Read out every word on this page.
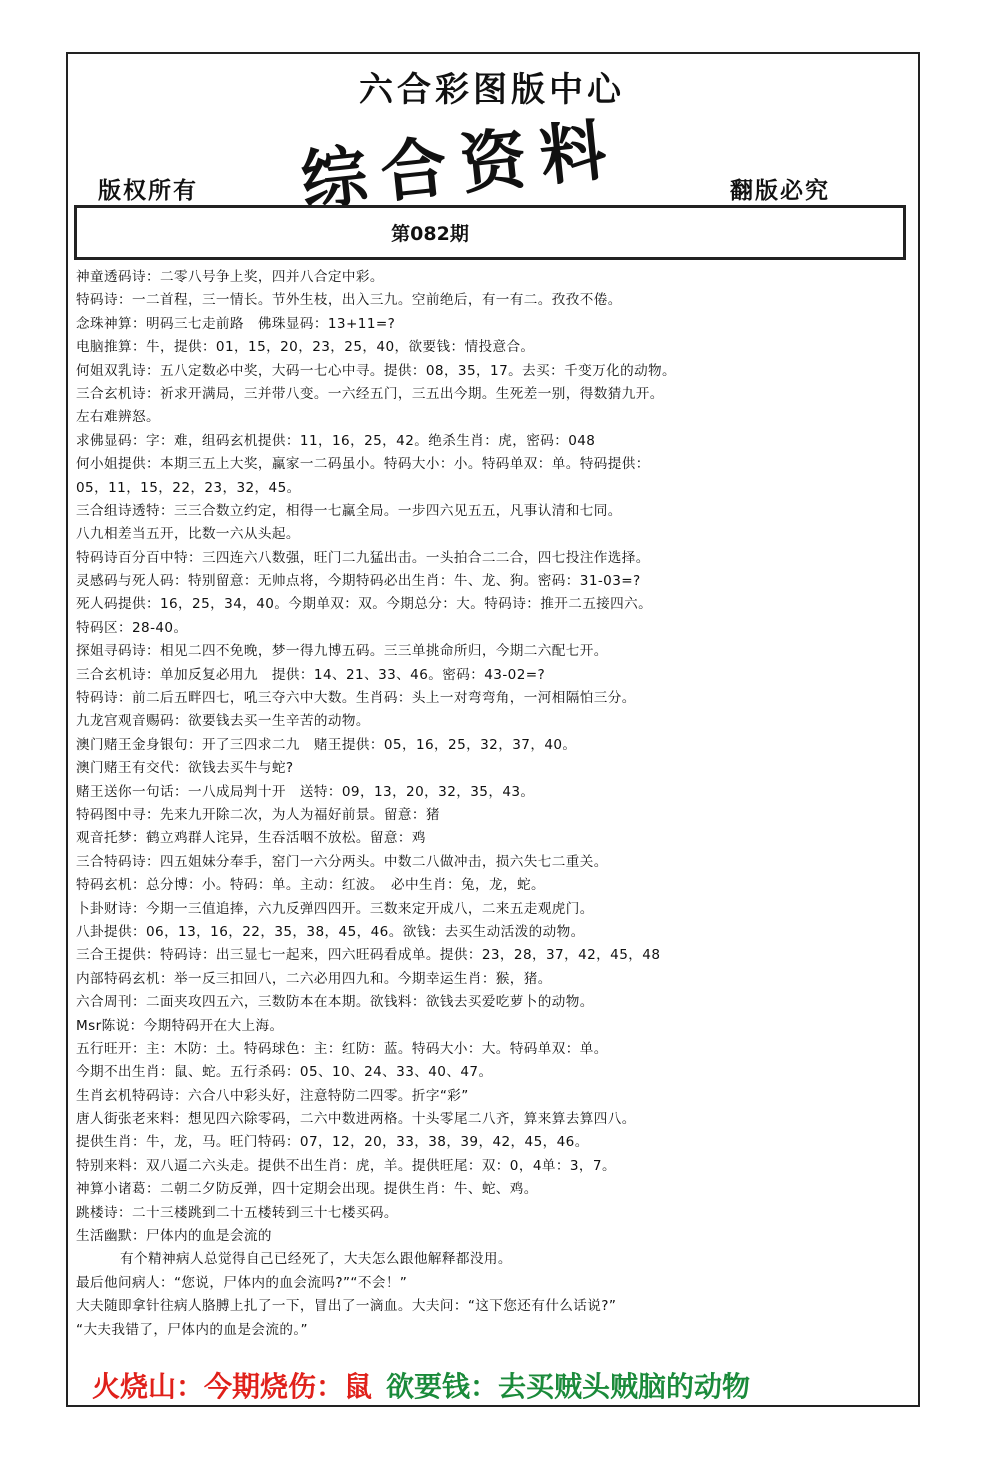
六合彩图版中心
综合资料
版权所有	翻版必究
第082期
神童透码诗：二零八号争上奖，四并八合定中彩。
特码诗：一二首程，三一情长。节外生枝，出入三九。空前绝后，有一有二。孜孜不倦。
念珠神算：明码三七走前路　佛珠显码：13+11=?
电脑推算：牛，提供：01，15，20，23，25，40，欲要钱：情投意合。
何姐双乳诗：五八定数必中奖，大码一七心中寻。提供：08，35，17。去买：千变万化的动物。
三合玄机诗：祈求开满局，三并带八变。一六经五门，三五出今期。生死差一别，得数猜九开。
左右难辨怒。
求佛显码：字：难，组码玄机提供：11，16，25，42。绝杀生肖：虎，密码：048
何小姐提供：本期三五上大奖，赢家一二码虽小。特码大小：小。特码单双：单。特码提供：
05，11，15，22，23，32，45。
三合组诗透特：三三合数立约定，相得一七赢全局。一步四六见五五，凡事认清和七同。
八九相差当五开，比数一六从头起。
特码诗百分百中特：三四连六八数强，旺门二九猛出击。一头拍合二二合，四七投注作选择。
灵感码与死人码：特别留意：无帅点将，今期特码必出生肖：牛、龙、狗。密码：31-03=?
死人码提供：16，25，34，40。今期单双：双。今期总分：大。特码诗：推开二五接四六。
特码区：28-40。
探姐寻码诗：相见二四不免晚，梦一得九博五码。三三单挑命所归，今期二六配七开。
三合玄机诗：单加反复必用九　提供：14、21、33、46。密码：43-02=?
特码诗：前二后五畔四七，吼三夺六中大数。生肖码：头上一对弯弯角，一河相隔怕三分。
九龙宫观音赐码：欲要钱去买一生辛苦的动物。
澳门赌王金身银句：开了三四求二九　赌王提供：05，16，25，32，37，40。
澳门赌王有交代：欲钱去买牛与蛇?
赌王送你一句话：一八成局判十开　送特：09，13，20，32，35，43。
特码图中寻：先来九开除二次，为人为福好前景。留意：猪
观音托梦：鹤立鸡群人诧异，生吞活咽不放松。留意：鸡
三合特码诗：四五姐妹分奉手，窑门一六分两头。中数二八做冲击，损六失七二重关。
特码玄机：总分博：小。特码：单。主动：红波。　必中生肖：兔，龙，蛇。
卜卦财诗：今期一三值追捧，六九反弹四四开。三数来定开成八，二来五走观虎门。
八卦提供：06，13，16，22，35，38，45，46。欲钱：去买生动活泼的动物。
三合王提供：特码诗：出三显七一起来，四六旺码看成单。提供：23，28，37，42，45，48
内部特码玄机：举一反三扣回八，二六必用四九和。今期幸运生肖：猴，猪。
六合周刊：二面夹攻四五六，三数防本在本期。欲钱料：欲钱去买爱吃萝卜的动物。
Msr陈说：今期特码开在大上海。
五行旺开：主：木防：土。特码球色：主：红防：蓝。特码大小：大。特码单双：单。
今期不出生肖：鼠、蛇。五行杀码：05、10、24、33、40、47。
生肖玄机特码诗：六合八中彩头好，注意特防二四零。折字“彩”
唐人街张老来料：想见四六除零码，二六中数进两格。十头零尾二八齐，算来算去算四八。
提供生肖：牛，龙，马。旺门特码：07，12，20，33，38，39，42，45，46。
特别来料：双八逼二六头走。提供不出生肖：虎，羊。提供旺尾：双：0，4单：3，7。
神算小诸葛：二朝二夕防反弹，四十定期会出现。提供生肖：牛、蛇、鸡。
跳楼诗：二十三楼跳到二十五楼转到三十七楼买码。
生活幽默：尸体内的血是会流的
有个精神病人总觉得自己已经死了，大夫怎么跟他解释都没用。
最后他问病人：“您说，尸体内的血会流吗?”“不会！”
大夫随即拿针往病人胳膊上扎了一下，冒出了一滴血。大夫问：“这下您还有什么话说?”
“大夫我错了，尸体内的血是会流的。”
火烧山：今期烧伤：鼠 欲要钱：去买贼头贼脑的动物
